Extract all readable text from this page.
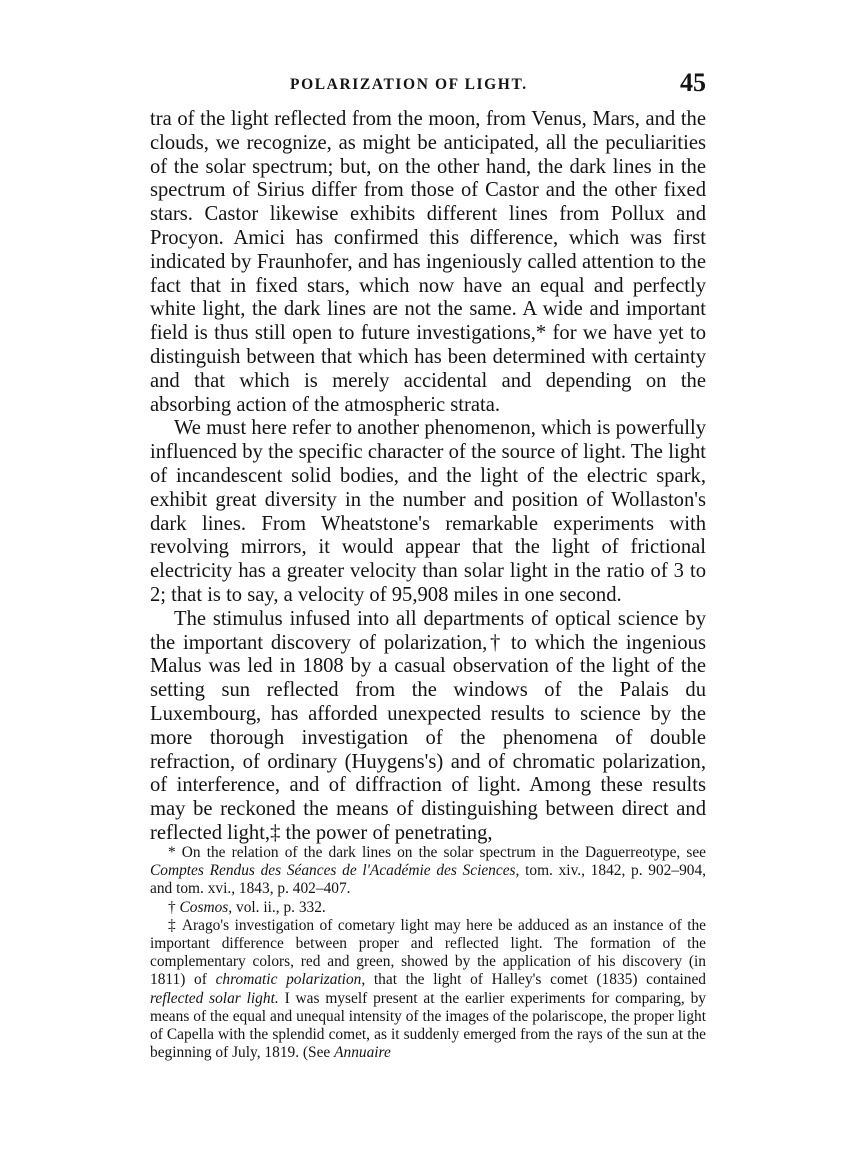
POLARIZATION OF LIGHT.	45

tra of the light reflected from the moon, from Venus, Mars, and the clouds, we recognize, as might be anticipated, all the peculiarities of the solar spectrum; but, on the other hand, the dark lines in the spectrum of Sirius differ from those of Castor and the other fixed stars. Castor likewise exhibits different lines from Pollux and Procyon. Amici has confirmed this difference, which was first indicated by Fraunhofer, and has ingeniously called attention to the fact that in fixed stars, which now have an equal and perfectly white light, the dark lines are not the same. A wide and important field is thus still open to future investigations,* for we have yet to distinguish between that which has been determined with certainty and that which is merely accidental and depending on the absorbing action of the atmospheric strata.

We must here refer to another phenomenon, which is powerfully influenced by the specific character of the source of light. The light of incandescent solid bodies, and the light of the electric spark, exhibit great diversity in the number and position of Wollaston's dark lines. From Wheatstone's remarkable experiments with revolving mirrors, it would appear that the light of frictional electricity has a greater velocity than solar light in the ratio of 3 to 2; that is to say, a velocity of 95,908 miles in one second.

The stimulus infused into all departments of optical science by the important discovery of polarization,† to which the ingenious Malus was led in 1808 by a casual observation of the light of the setting sun reflected from the windows of the Palais du Luxembourg, has afforded unexpected results to science by the more thorough investigation of the phenomena of double refraction, of ordinary (Huygens's) and of chromatic polarization, of interference, and of diffraction of light. Among these results may be reckoned the means of distinguishing between direct and reflected light,‡ the power of penetrating,

* On the relation of the dark lines on the solar spectrum in the Daguerreotype, see Comptes Rendus des Séances de l'Académie des Sciences, tom. xiv., 1842, p. 902–904, and tom. xvi., 1843, p. 402–407.

† Cosmos, vol. ii., p. 332.

‡ Arago's investigation of cometary light may here be adduced as an instance of the important difference between proper and reflected light. The formation of the complementary colors, red and green, showed by the application of his discovery (in 1811) of chromatic polarization, that the light of Halley's comet (1835) contained reflected solar light. I was myself present at the earlier experiments for comparing, by means of the equal and unequal intensity of the images of the polariscope, the proper light of Capella with the splendid comet, as it suddenly emerged from the rays of the sun at the beginning of July, 1819. (See Annuaire
